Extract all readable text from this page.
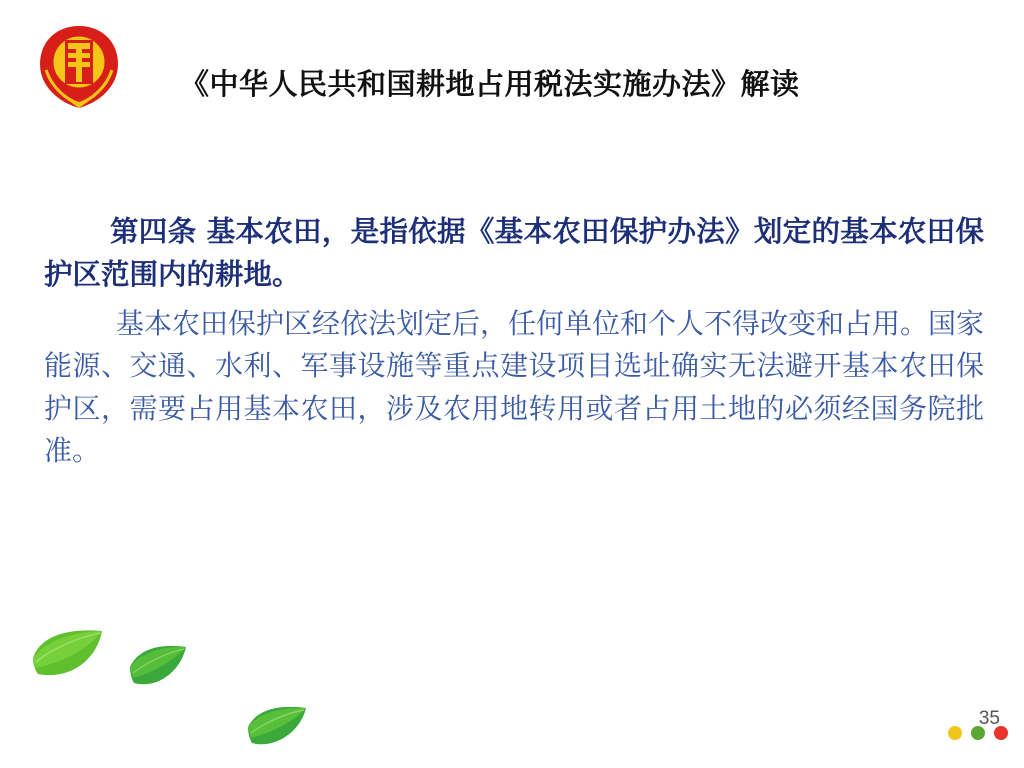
《中华人民共和国耕地占用税法实施办法》解读

第四条 基本农田，是指依据《基本农田保护办法》划定的基本农田保护区范围内的耕地。

基本农田保护区经依法划定后，任何单位和个人不得改变和占用。国家能源、交通、水利、军事设施等重点建设项目选址确实无法避开基本农田保护区，需要占用基本农田，涉及农用地转用或者占用土地的必须经国务院批准。

35
